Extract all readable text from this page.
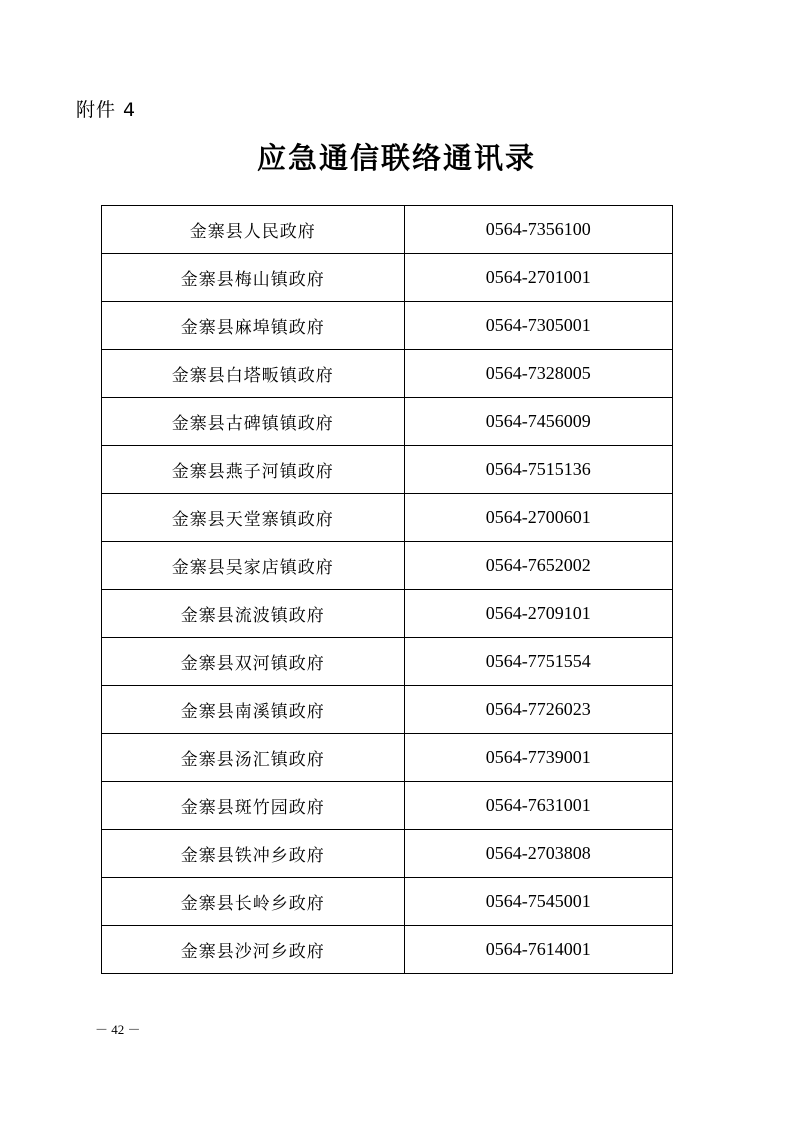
附件 4
应急通信联络通讯录
金寨县人民政府	0564-7356100
金寨县梅山镇政府	0564-2701001
金寨县麻埠镇政府	0564-7305001
金寨县白塔畈镇政府	0564-7328005
金寨县古碑镇镇政府	0564-7456009
金寨县燕子河镇政府	0564-7515136
金寨县天堂寨镇政府	0564-2700601
金寨县吴家店镇政府	0564-7652002
金寨县流波镇政府	0564-2709101
金寨县双河镇政府	0564-7751554
金寨县南溪镇政府	0564-7726023
金寨县汤汇镇政府	0564-7739001
金寨县斑竹园政府	0564-7631001
金寨县铁冲乡政府	0564-2703808
金寨县长岭乡政府	0564-7545001
金寨县沙河乡政府	0564-7614001
－ 42 －
